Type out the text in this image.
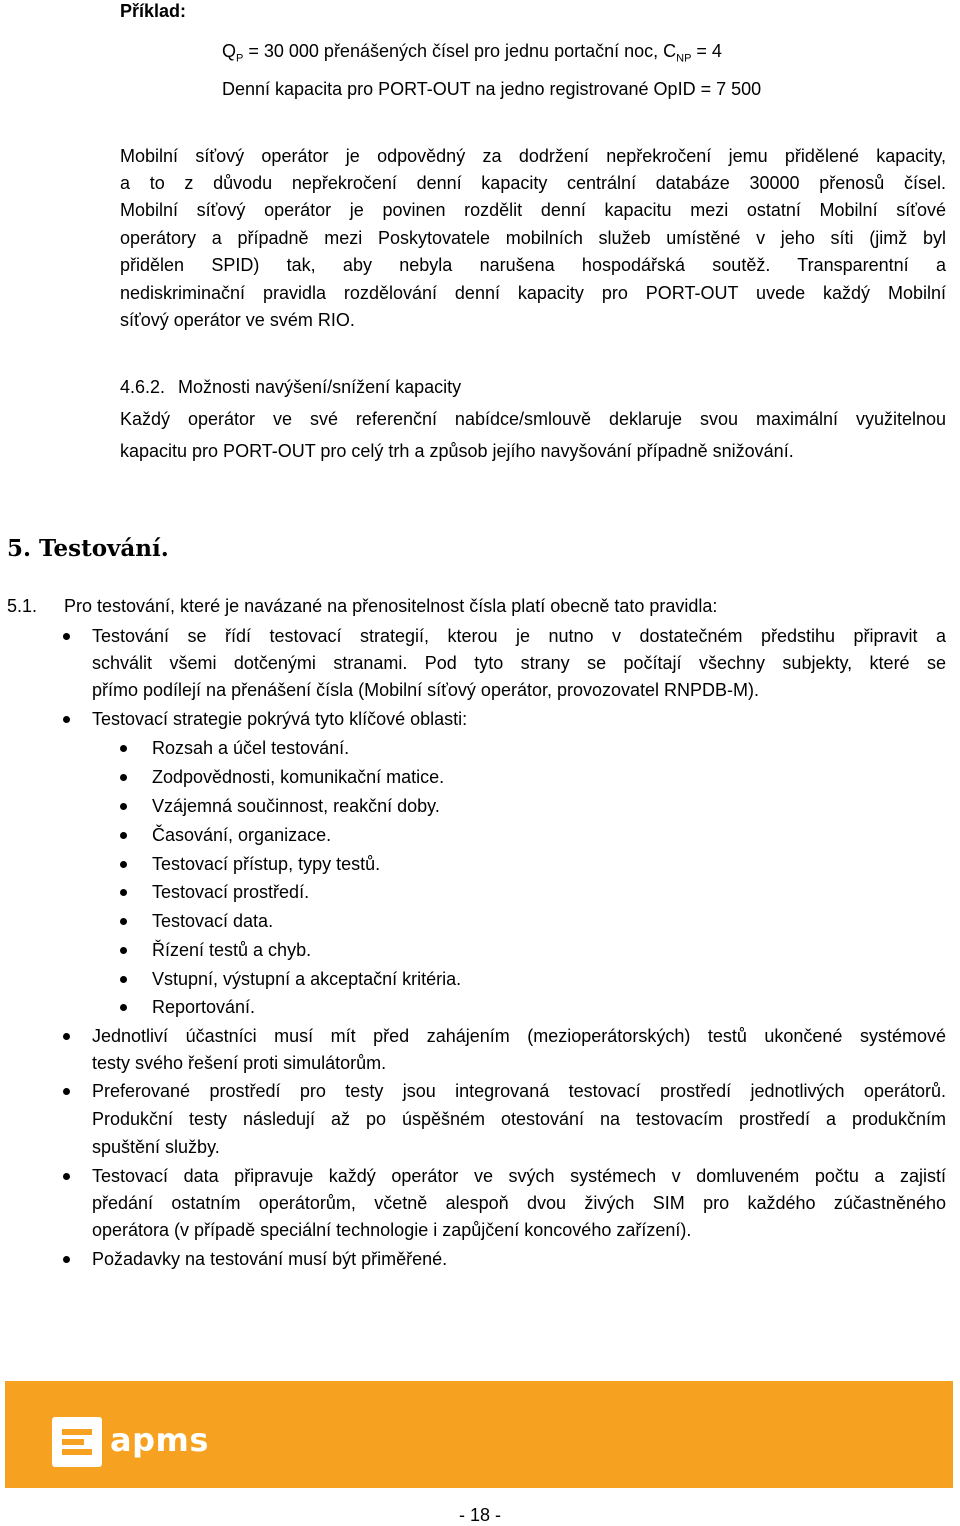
Příklad:
$Q_P = 30$ 000 přenášených čísel pro jednu portační noc, $C_{NP} = 4$
Denní kapacita pro PORT-OUT na jedno registrované OpID = 7 500
Mobilní síťový operátor je odpovědný za dodržení nepřekročení jemu přidělené kapacity,
a to z důvodu nepřekročení denní kapacity centrální databáze 30000 přenosů čísel.
Mobilní síťový operátor je povinen rozdělit denní kapacitu mezi ostatní Mobilní síťové
operátory a případně mezi Poskytovatele mobilních služeb umístěné v jeho síti (jimž byl
přidělen SPID) tak, aby nebyla narušena hospodářská soutěž. Transparentní a
nediskriminační pravidla rozdělování denní kapacity pro PORT-OUT uvede každý Mobilní
síťový operátor ve svém RIO.
4.6.2. Možnosti navýšení/snížení kapacity
Každý operátor ve své referenční nabídce/smlouvě deklaruje svou maximální využitelnou
kapacitu pro PORT-OUT pro celý trh a způsob jejího navyšování případně snižování.
5. Testování.
5.1. Pro testování, které je navázané na přenositelnost čísla platí obecně tato pravidla:
Testování se řídí testovací strategií, kterou je nutno v dostatečném předstihu připravit a
schválit všemi dotčenými stranami. Pod tyto strany se počítají všechny subjekty, které se
přímo podílejí na přenášení čísla (Mobilní síťový operátor, provozovatel RNPDB-M).
Testovací strategie pokrývá tyto klíčové oblasti:
Rozsah a účel testování.
Zodpovědnosti, komunikační matice.
Vzájemná součinnost, reakční doby.
Časování, organizace.
Testovací přístup, typy testů.
Testovací prostředí.
Testovací data.
Řízení testů a chyb.
Vstupní, výstupní a akceptační kritéria.
Reportování.
Jednotliví účastníci musí mít před zahájením (mezioperátorských) testů ukončené systémové
testy svého řešení proti simulátorům.
Preferované prostředí pro testy jsou integrovaná testovací prostředí jednotlivých operátorů.
Produkční testy následují až po úspěšném otestování na testovacím prostředí a produkčním
spuštění služby.
Testovací data připravuje každý operátor ve svých systémech v domluveném počtu a zajistí
předání ostatním operátorům, včetně alespoň dvou živých SIM pro každého zúčastněného
operátora (v případě speciální technologie i zapůjčení koncového zařízení).
Požadavky na testování musí být přiměřené.
apms
- 18 -
